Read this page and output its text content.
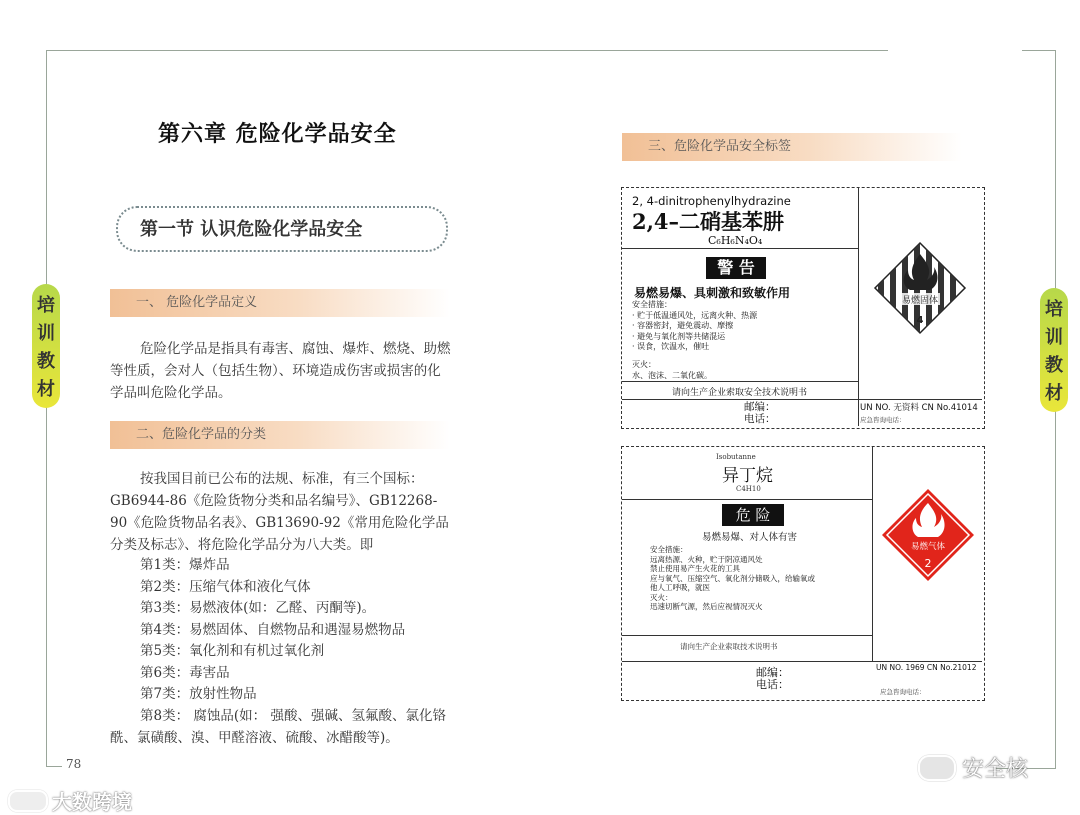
78
培
训
教
材
培
训
教
材
第六章 危险化学品安全
第一节 认识危险化学品安全
一、 危险化学品定义
危险化学品是指具有毒害、腐蚀、爆炸、燃烧、助燃
等性质，会对人（包括生物）、环境造成伤害或损害的化
学品叫危险化学品。
二、危险化学品的分类
按我国目前已公布的法规、标准，有三个国标：
GB6944-86《危险货物分类和品名编号》、GB12268-
90《危险货物品名表》、GB13690-92《常用危险化学品
分类及标志》、将危险化学品分为八大类。即
第1类：爆炸品
第2类：压缩气体和液化气体
第3类：易燃液体(如：乙醛、丙酮等)。
第4类：易燃固体、自燃物品和遇湿易燃物品
第5类：氧化剂和有机过氧化剂
第6类：毒害品
第7类：放射性物品
第8类： 腐蚀品(如： 强酸、强碱、氢氟酸、氯化铬
酰、氯磺酸、溴、甲醛溶液、硫酸、冰醋酸等)。
三、危险化学品安全标签
2, 4-dinitrophenylhydrazine
2,4–二硝基苯肼
C₆H₆N₄O₄
警 告
易燃易爆、具刺激和致敏作用
安全措施：
· 贮于低温通风处，远离火种、热源
· 容器密封，避免震动、摩擦
· 避免与氧化剂等共储混运
· 误食，饮温水，催吐
灭火：
水、泡沫、二氧化碳。
请向生产企业索取安全技术说明书
邮编：
电话：
UN NO. 无资料 CN No.41014
应急咨询电话：
易燃固体
4
Isobutanne
异丁烷
C4H10
危 险
易燃易爆、对人体有害
安全措施：
远离热源、火种，贮于阴凉通风处
禁止使用易产生火花的工具
应与氧气、压缩空气、氧化剂分储吸入，给输氧或
他人工呼吸，就医
灭火：
迅速切断气源，然后应视情况灭火
请向生产企业索取技术说明书
邮编：
电话：
UN NO. 1969 CN No.21012
应急咨询电话：
易燃气体
2
大数跨境
安全核
